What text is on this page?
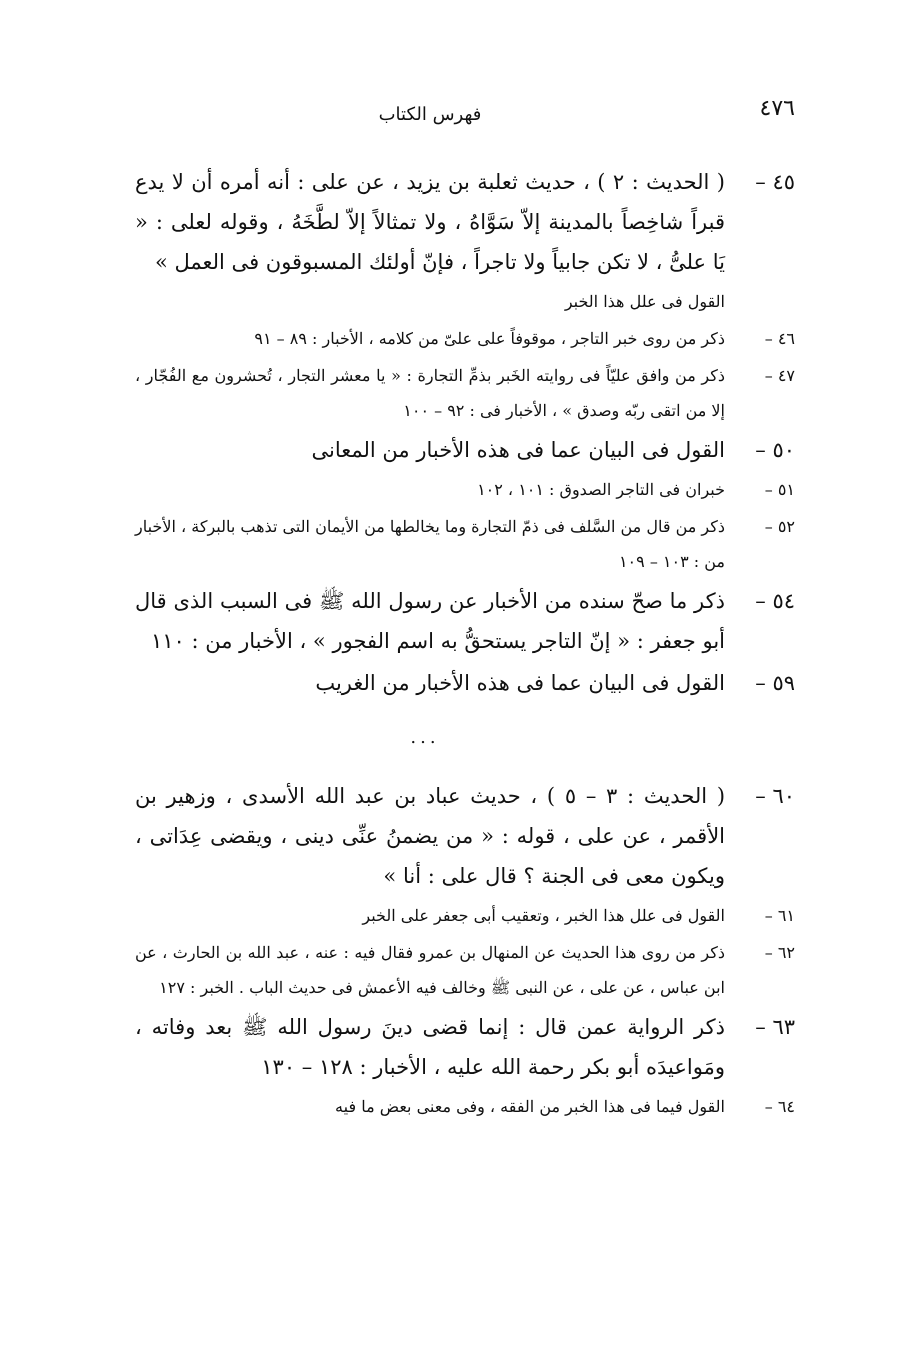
٤٧٦
فهرس الكتاب
٤٥ –
( الحديث : ٢ ) ، حديث ثعلبة بن يزيد ، عن على : أنه أمره أن لا يدع قبراً شاخِصاً بالمدينة إلاّ سَوَّاهُ ، ولا تمثالاً إلاّ لطَّخَهُ ، وقوله لعلى : « يَا علىُّ ، لا تكن جابياً ولا تاجراً ، فإنّ أولئك المسبوقون فى العمل »
القول فى علل هذا الخبر
٤٦ –
ذكر من روى خبر التاجر ، موقوفاً على علىّ من كلامه ، الأخبار : ٨٩ – ٩١
٤٧ –
ذكر من وافق عليّاً فى روايته الخَبر بذمِّ التجارة : « يا معشر التجار ، تُحشرون مع الفُجّار ، إلا من اتقى ربّه وصدق » ، الأخبار فى : ٩٢ – ١٠٠
٥٠ –
القول فى البيان عما فى هذه الأخبار من المعانى
٥١ –
خبران فى التاجر الصدوق : ١٠١ ، ١٠٢
٥٢ –
ذكر من قال من السَّلف فى ذمّ التجارة وما يخالطها من الأيمان التى تذهب بالبركة ، الأخبار من : ١٠٣ – ١٠٩
٥٤ –
ذكر ما صحّ سنده من الأخبار عن رسول الله ﷺ فى السبب الذى قال أبو جعفر : « إنّ التاجر يستحقُّ به اسم الفجور » ، الأخبار من : ١١٠
٥٩ –
القول فى البيان عما فى هذه الأخبار من الغريب
...
٦٠ –
( الحديث : ٣ – ٥ ) ، حديث عباد بن عبد الله الأسدى ، وزهير بن الأقمر ، عن على ، قوله : « من يضمنُ عنِّى دينى ، ويقضى عِدَاتى ، ويكون معى فى الجنة ؟ قال على : أنا »
٦١ –
القول فى علل هذا الخبر ، وتعقيب أبى جعفر على الخبر
٦٢ –
ذكر من روى هذا الحديث عن المنهال بن عمرو فقال فيه : عنه ، عبد الله بن الحارث ، عن ابن عباس ، عن على ، عن النبى ﷺ وخالف فيه الأعمش فى حديث الباب . الخبر : ١٢٧
٦٣ –
ذكر الرواية عمن قال : إنما قضى دينَ رسول الله ﷺ بعد وفاته ، ومَواعيدَه أبو بكر رحمة الله عليه ، الأخبار : ١٢٨ – ١٣٠
٦٤ –
القول فيما فى هذا الخبر من الفقه ، وفى معنى بعض ما فيه
